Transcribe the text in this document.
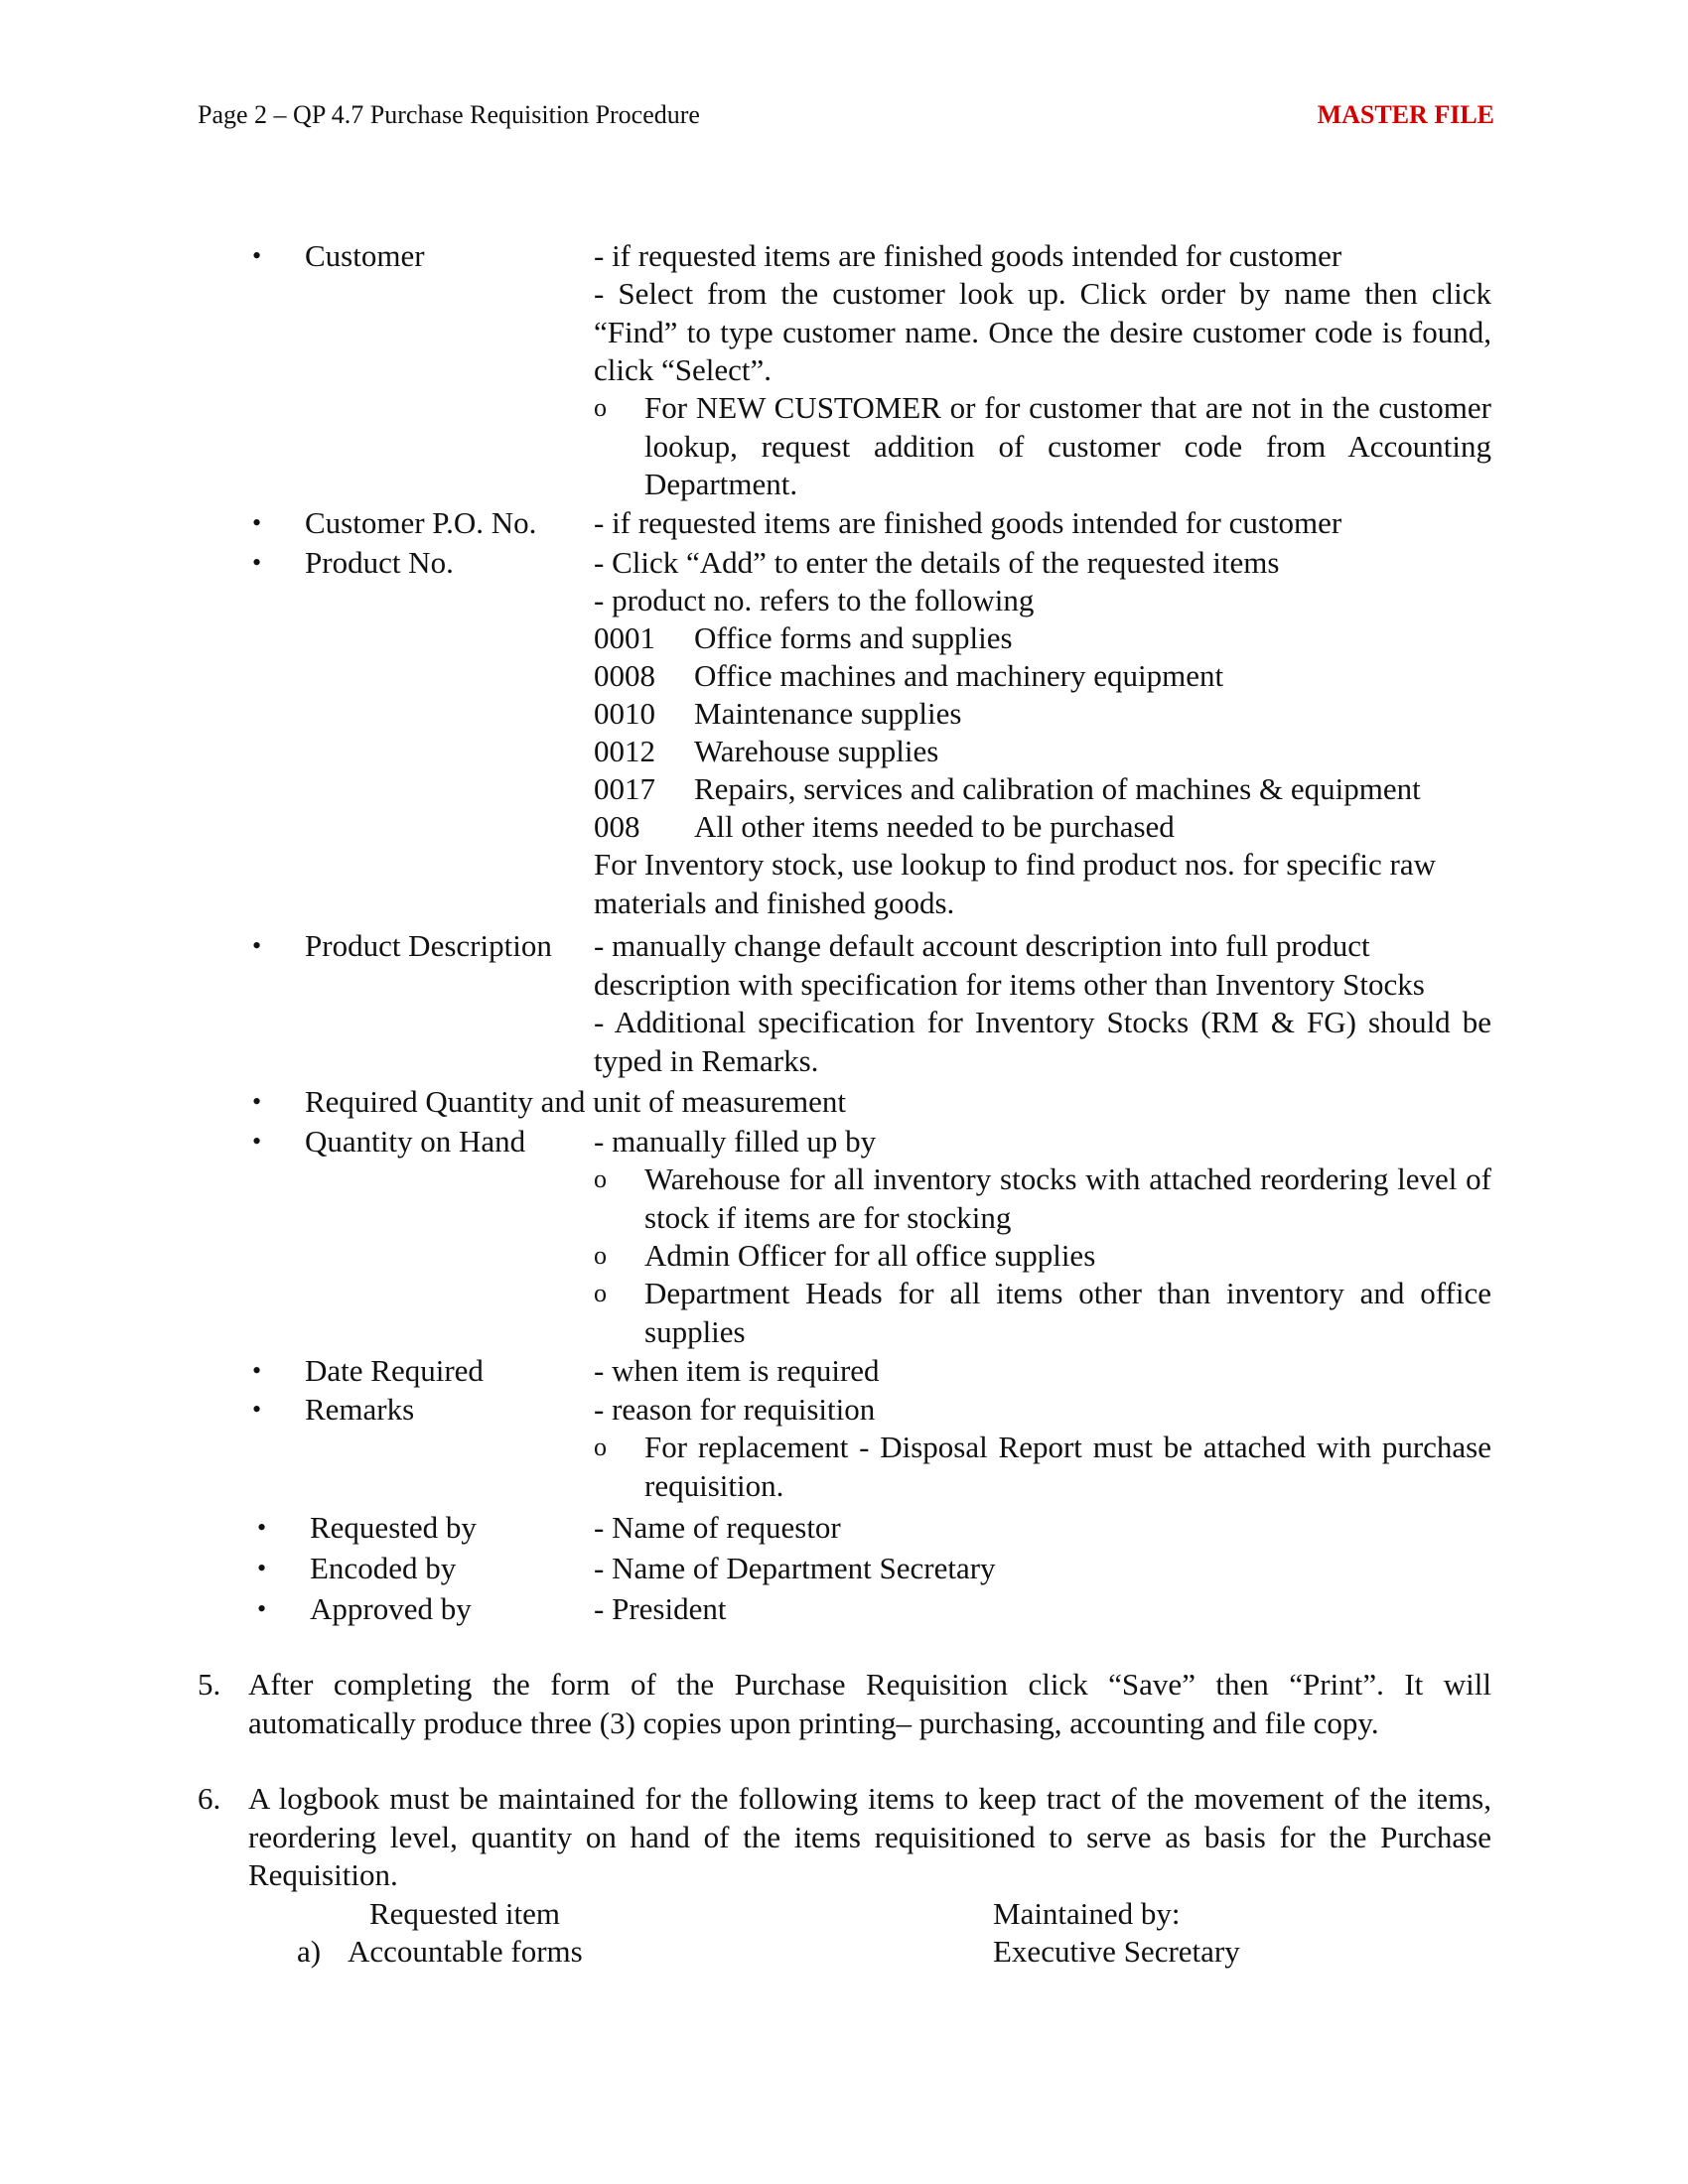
Page 2 – QP 4.7 Purchase Requisition Procedure	MASTER FILE
• Customer	- if requested items are finished goods intended for customer
- Select from the customer look up. Click order by name then click “Find” to type customer name. Once the desire customer code is found, click “Select”.
o For NEW CUSTOMER or for customer that are not in the customer lookup, request addition of customer code from Accounting Department.
• Customer P.O. No. - if requested items are finished goods intended for customer
• Product No.	- Click “Add” to enter the details of the requested items
- product no. refers to the following
0001 Office forms and supplies
0008 Office machines and machinery equipment
0010 Maintenance supplies
0012 Warehouse supplies
0017 Repairs, services and calibration of machines & equipment
008 All other items needed to be purchased
For Inventory stock, use lookup to find product nos. for specific raw materials and finished goods.
• Product Description - manually change default account description into full product description with specification for items other than Inventory Stocks
- Additional specification for Inventory Stocks (RM & FG) should be typed in Remarks.
• Required Quantity and unit of measurement
• Quantity on Hand - manually filled up by
o Warehouse for all inventory stocks with attached reordering level of stock if items are for stocking
o Admin Officer for all office supplies
o Department Heads for all items other than inventory and office supplies
• Date Required	- when item is required
• Remarks	- reason for requisition
o For replacement - Disposal Report must be attached with purchase requisition.
• Requested by	- Name of requestor
• Encoded by	- Name of Department Secretary
• Approved by	- President
5. After completing the form of the Purchase Requisition click “Save” then “Print”. It will automatically produce three (3) copies upon printing– purchasing, accounting and file copy.
6. A logbook must be maintained for the following items to keep tract of the movement of the items, reordering level, quantity on hand of the items requisitioned to serve as basis for the Purchase Requisition.
Requested item	Maintained by:
a) Accountable forms	Executive Secretary
